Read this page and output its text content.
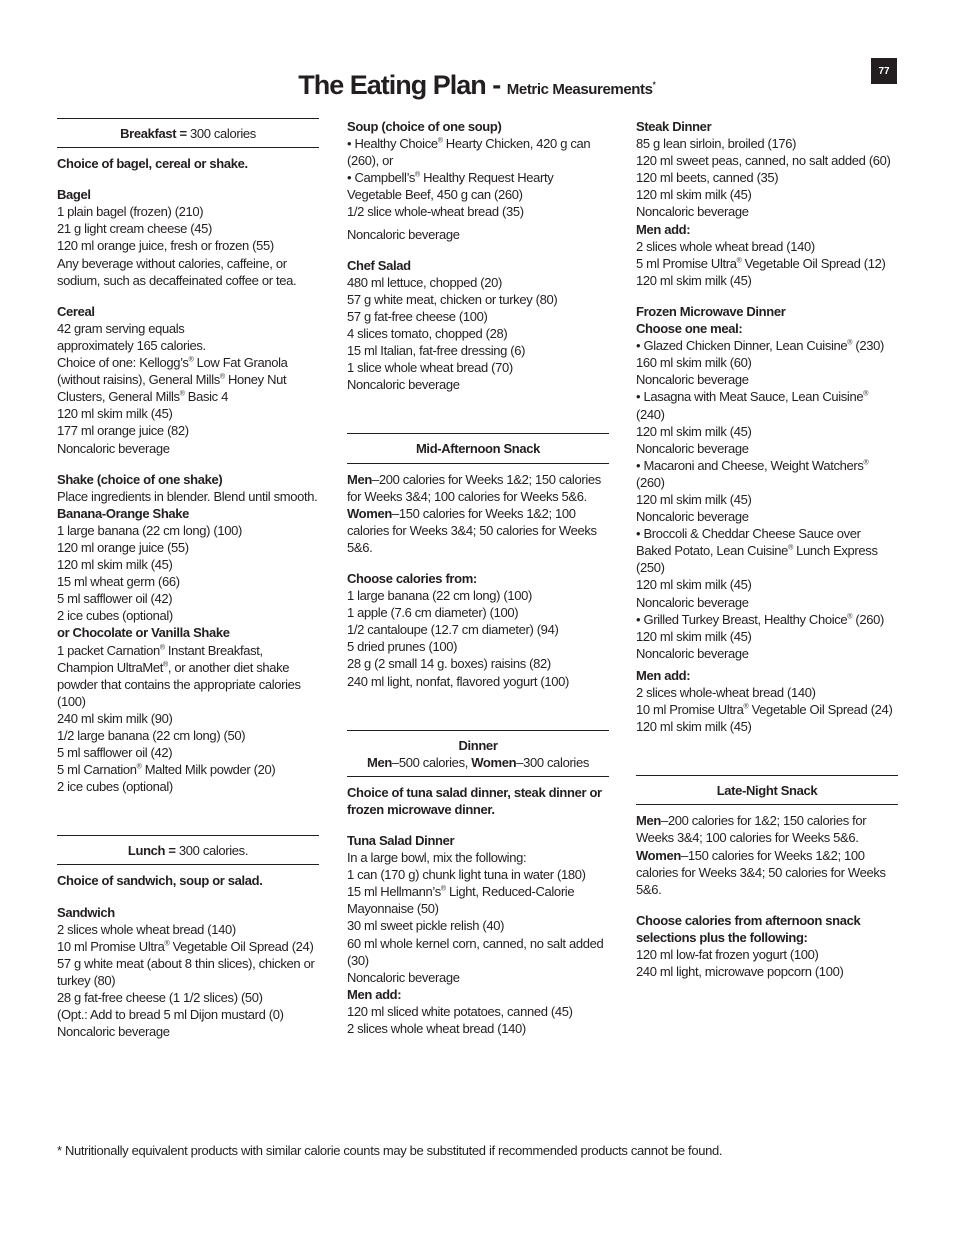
77
The Eating Plan - Metric Measurements*
Breakfast = 300 calories
Choice of bagel, cereal or shake.
Bagel

1 plain bagel (frozen) (210)

21 g light cream cheese (45)

120 ml orange juice, fresh or frozen (55)

Any beverage without calories, caffeine, or sodium, such as decaffeinated coffee or tea.

Cereal

42 gram serving equals

approximately 165 calories.

Choice of one: Kellogg’s® Low Fat Granola (without raisins), General Mills® Honey Nut Clusters, General Mills® Basic 4

120 ml skim milk (45)

177 ml orange juice (82)

Noncaloric beverage

Shake (choice of one shake)

Place ingredients in blender. Blend until smooth.

Banana-Orange Shake

1 large banana (22 cm long) (100)

120 ml orange juice (55)

120 ml skim milk (45)

15 ml wheat germ (66)

5 ml safflower oil (42)

2 ice cubes (optional)

or Chocolate or Vanilla Shake

1 packet Carnation® Instant Breakfast, Champion UltraMet®, or another diet shake powder that contains the appropriate calories (100)

240 ml skim milk (90)

1/2 large banana (22 cm long) (50)

5 ml safflower oil (42)

5 ml Carnation® Malted Milk powder (20)

2 ice cubes (optional)

Lunch = 300 calories.
Choice of sandwich, soup or salad.
Sandwich

2 slices whole wheat bread (140)

10 ml Promise Ultra® Vegetable Oil Spread (24)

57 g white meat (about 8 thin slices), chicken or turkey (80)

28 g fat-free cheese (1 1/2 slices) (50)

(Opt.: Add to bread 5 ml Dijon mustard (0)

Noncaloric beverage

Soup (choice of one soup)

• Healthy Choice® Hearty Chicken, 420 g can (260), or

• Campbell’s® Healthy Request Hearty Vegetable Beef, 450 g can (260)

1/2 slice whole-wheat bread (35)

Noncaloric beverage

Chef Salad

480 ml lettuce, chopped (20)

57 g white meat, chicken or turkey (80)

57 g fat-free cheese (100)

4 slices tomato, chopped (28)

15 ml Italian, fat-free dressing (6)

1 slice whole wheat bread (70)

Noncaloric beverage

Mid-Afternoon Snack

Men–200 calories for Weeks 1&2; 150 calories for Weeks 3&4; 100 calories for Weeks 5&6.

Women–150 calories for Weeks 1&2; 100 calories for Weeks 3&4; 50 calories for Weeks 5&6.

Choose calories from:

1 large banana (22 cm long) (100)

1 apple (7.6 cm diameter) (100)

1/2 cantaloupe (12.7 cm diameter) (94)

5 dried prunes (100)

28 g (2 small 14 g. boxes) raisins (82)

240 ml light, nonfat, flavored yogurt (100)

Dinner
Men–500 calories, Women–300 calories
Choice of tuna salad dinner, steak dinner or frozen microwave dinner.
Tuna Salad Dinner

In a large bowl, mix the following:

1 can (170 g) chunk light tuna in water (180)

15 ml Hellmann’s® Light, Reduced-Calorie Mayonnaise (50)

30 ml sweet pickle relish (40)

60 ml whole kernel corn, canned, no salt added (30)

Noncaloric beverage

Men add:

120 ml sliced white potatoes, canned (45)

2 slices whole wheat bread (140)

Steak Dinner

85 g lean sirloin, broiled (176)

120 ml sweet peas, canned, no salt added (60)

120 ml beets, canned (35)

120 ml skim milk (45)

Noncaloric beverage

Men add:

2 slices whole wheat bread (140)

5 ml Promise Ultra® Vegetable Oil Spread (12)

120 ml skim milk (45)

Frozen Microwave Dinner
Choose one meal:

• Glazed Chicken Dinner, Lean Cuisine® (230)

160 ml skim milk (60)

Noncaloric beverage

• Lasagna with Meat Sauce, Lean Cuisine® (240)

120 ml skim milk (45)

Noncaloric beverage

• Macaroni and Cheese, Weight Watchers® (260)

120 ml skim milk (45)

Noncaloric beverage

• Broccoli & Cheddar Cheese Sauce over Baked Potato, Lean Cuisine® Lunch Express (250)

120 ml skim milk (45)

Noncaloric beverage

• Grilled Turkey Breast, Healthy Choice® (260)

120 ml skim milk (45)

Noncaloric beverage

Men add:

2 slices whole-wheat bread (140)

10 ml Promise Ultra® Vegetable Oil Spread (24)

120 ml skim milk (45)

Late-Night Snack

Men–200 calories for 1&2; 150 calories for Weeks 3&4; 100 calories for Weeks 5&6.

Women–150 calories for Weeks 1&2; 100 calories for Weeks 3&4; 50 calories for Weeks 5&6.

Choose calories from afternoon snack selections plus the following:

120 ml low-fat frozen yogurt (100)

240 ml light, microwave popcorn (100)

* Nutritionally equivalent products with similar calorie counts may be substituted if recommended products cannot be found.
